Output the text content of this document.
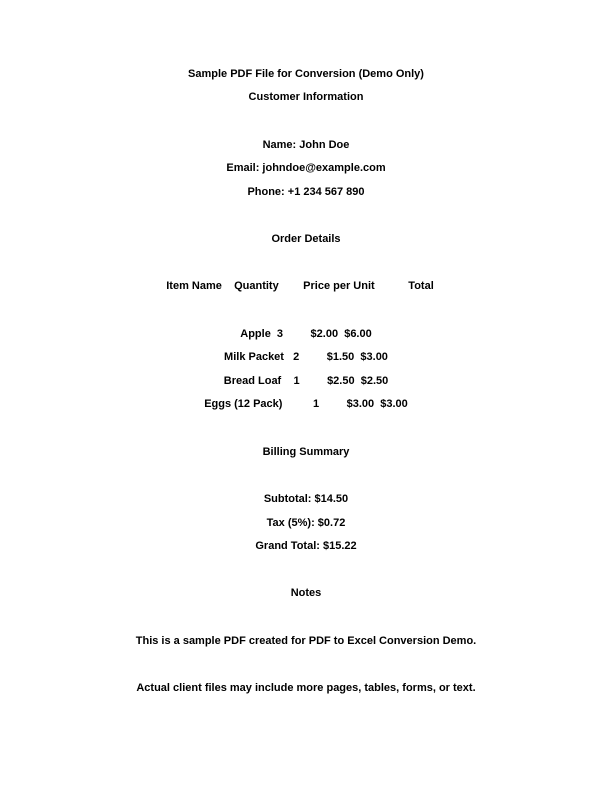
Sample PDF File for Conversion (Demo Only)
Customer Information
Name: John Doe
Email: johndoe@example.com
Phone: +1 234 567 890
Order Details
Item Name    Quantity        Price per Unit           Total
Apple  3         $2.00  $6.00
Milk Packet   2         $1.50  $3.00
Bread Loaf    1         $2.50  $2.50
Eggs (12 Pack)          1         $3.00  $3.00
Billing Summary
Subtotal: $14.50
Tax (5%): $0.72
Grand Total: $15.22
Notes
This is a sample PDF created for PDF to Excel Conversion Demo.
Actual client files may include more pages, tables, forms, or text.
